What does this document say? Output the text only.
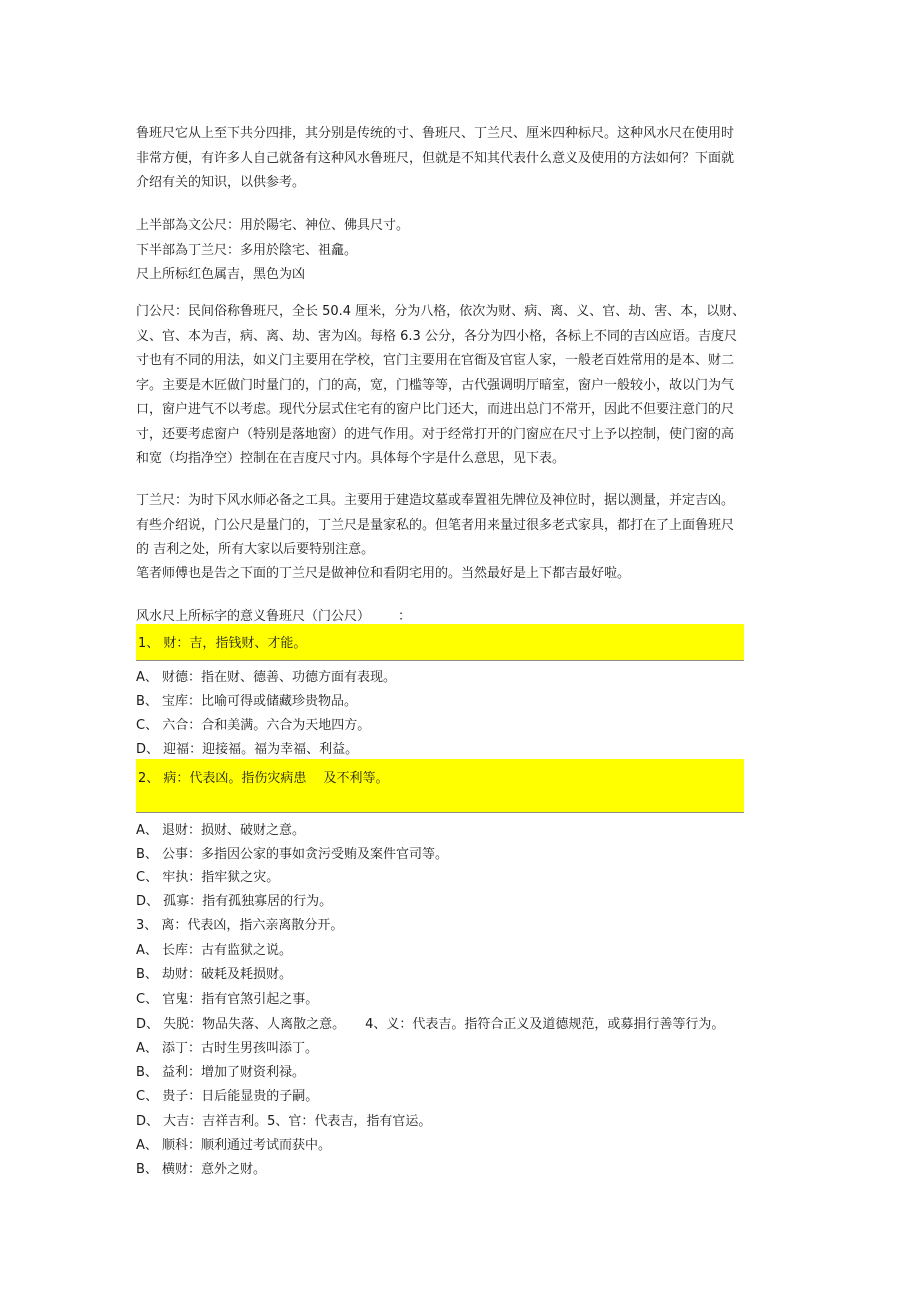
鲁班尺它从上至下共分四排，其分别是传统的寸、鲁班尺、丁兰尺、厘米四种标尺。这种风水尺在使用时 非常方便，有许多人自己就备有这种风水鲁班尺，但就是不知其代表什么意义及使用的方法如何？下面就 介绍有关的知识，以供参考。
上半部為文公尺：用於陽宅、神位、佛具尺寸。
下半部為丁兰尺：多用於陰宅、祖龕。
尺上所标红色属吉，黑色为凶
门公尺：民间俗称鲁班尺，全长 50.4 厘米，分为八格，依次为财、病、离、义、官、劫、害、本，以财、 义、官、本为吉，病、离、劫、害为凶。每格 6.3 公分，各分为四小格，各标上不同的吉凶应语。吉度尺 寸也有不同的用法，如义门主要用在学校，官门主要用在官衙及官宦人家，一般老百姓常用的是本、财二 字。主要是木匠做门时量门的，门的高，宽，门槛等等，古代强调明厅暗室，窗户一般较小，故以门为气 口，窗户进气不以考虑。现代分层式住宅有的窗户比门还大，而进出总门不常开，因此不但要注意门的尺 寸，还要考虑窗户（特别是落地窗）的进气作用。对于经常打开的门窗应在尺寸上予以控制，使门窗的高 和宽（均指净空）控制在在吉度尺寸内。具体每个字是什么意思，见下表。
丁兰尺：为时下风水师必备之工具。主要用于建造坟墓或奉置祖先牌位及神位时，据以测量，并定吉凶。有些介绍说，门公尺是量门的，丁兰尺是量家私的。但笔者用来量过很多老式家具，都打在了上面鲁班尺的 吉利之处，所有大家以后要特别注意。
笔者师傅也是告之下面的丁兰尺是做神位和看阴宅用的。当然最好是上下都吉最好啦。
风水尺上所标字的意义鲁班尺（门公尺） ：
1、 财：吉，指钱财、才能。
A、 财德：指在财、德善、功德方面有表现。
B、 宝库：比喻可得或储藏珍贵物品。
C、 六合：合和美满。六合为天地四方。
D、 迎福：迎接福。福为幸福、利益。
2、 病：代表凶。指伤灾病患　 及不利等。
A、 退财：损财、破财之意。
B、 公事：多指因公家的事如贪污受贿及案件官司等。
C、 牢执：指牢狱之灾。
D、 孤寡：指有孤独寡居的行为。
3、 离：代表凶，指六亲离散分开。
A、 长库：古有监狱之说。
B、 劫财：破耗及耗损财。
C、 官鬼：指有官煞引起之事。
D、 失脱：物品失落、人离散之意。 4、义：代表吉。指符合正义及道德规范，或募捐行善等行为。
A、 添丁：古时生男孩叫添丁。
B、 益利：增加了财资利禄。
C、 贵子：日后能显贵的子嗣。
D、 大吉：吉祥吉利。5、官：代表吉，指有官运。
A、 顺科：顺利通过考试而获中。
B、 横财：意外之财。
